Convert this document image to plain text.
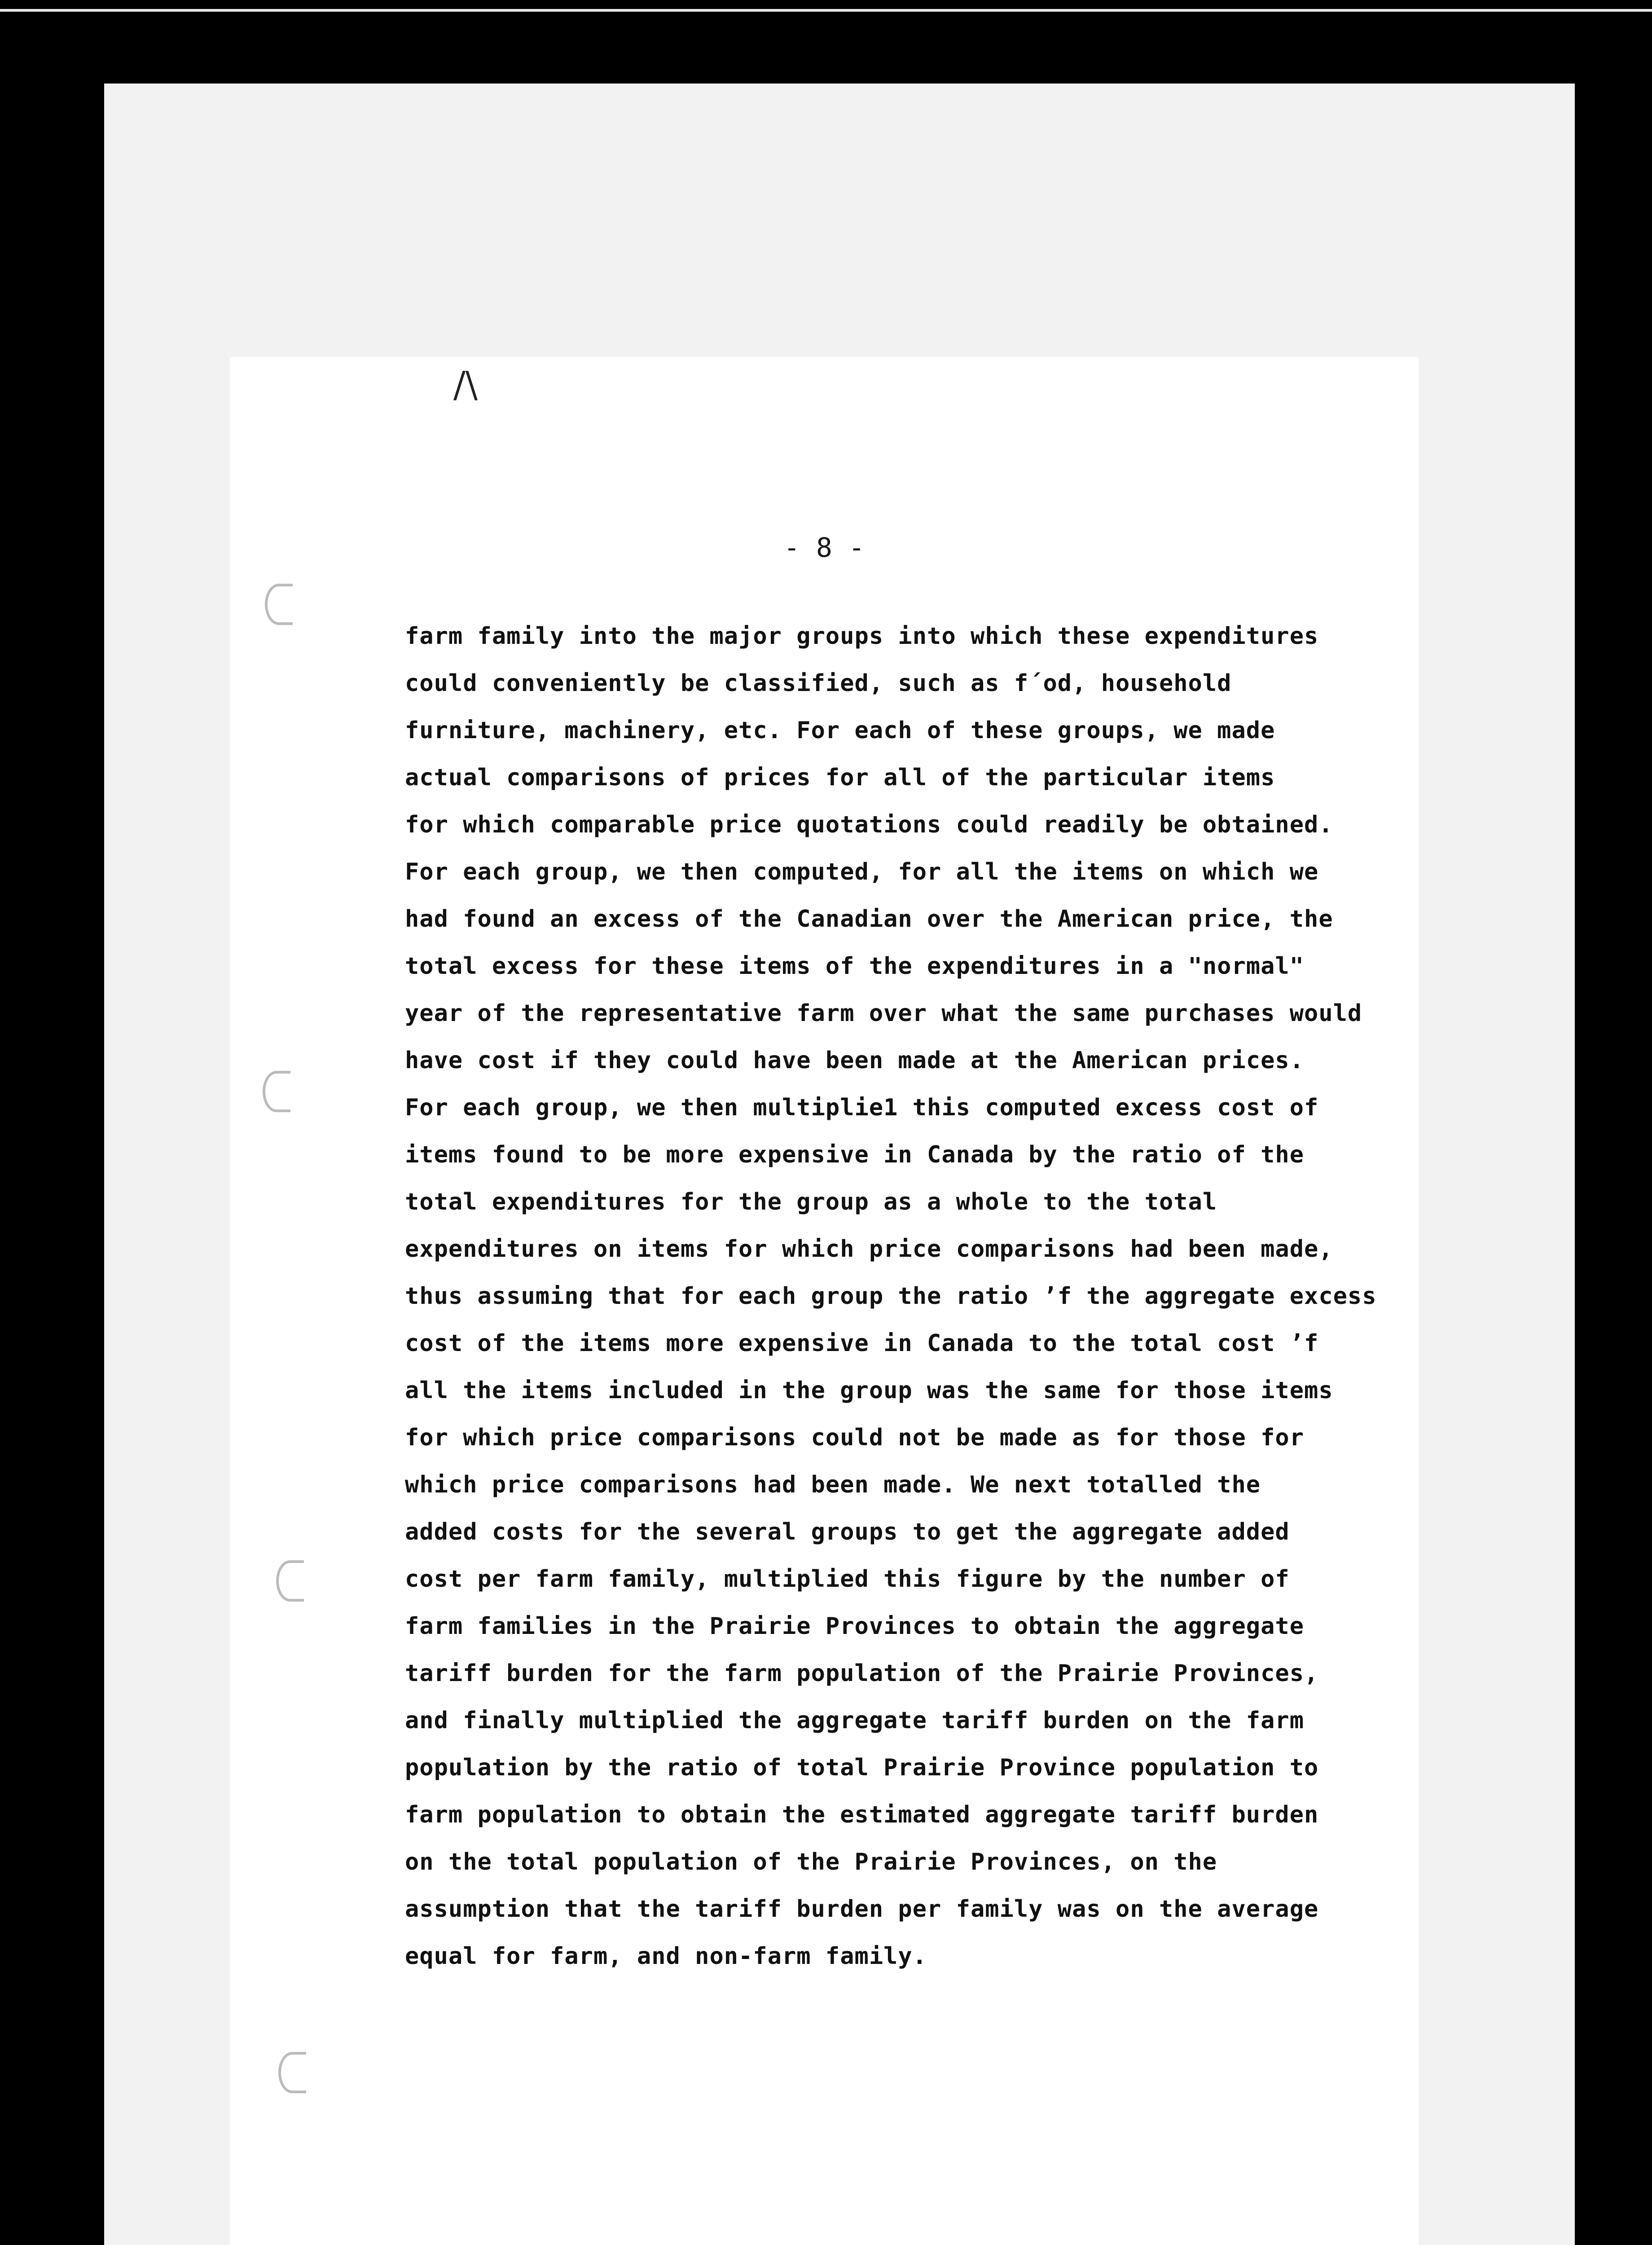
- 8 -
farm family into the major groups into which these expenditures
could conveniently be classified, such as f´od, household
furniture, machinery, etc. For each of these groups, we made
actual comparisons of prices for all of the particular items
for which comparable price quotations could readily be obtained.
For each group, we then computed, for all the items on which we
had found an excess of the Canadian over the American price, the
total excess for these items of the expenditures in a "normal"
year of the representative farm over what the same purchases would
have cost if they could have been made at the American prices.
For each group, we then multiplie1 this computed excess cost of
items found to be more expensive in Canada by the ratio of the
total expenditures for the group as a whole to the total
expenditures on items for which price comparisons had been made,
thus assuming that for each group the ratio ’f the aggregate excess
cost of the items more expensive in Canada to the total cost ’f
all the items included in the group was the same for those items
for which price comparisons could not be made as for those for
which price comparisons had been made. We next totalled the
added costs for the several groups to get the aggregate added
cost per farm family, multiplied this figure by the number of
farm families in the Prairie Provinces to obtain the aggregate
tariff burden for the farm population of the Prairie Provinces,
and finally multiplied the aggregate tariff burden on the farm
population by the ratio of total Prairie Province population to
farm population to obtain the estimated aggregate tariff burden
on the total population of the Prairie Provinces, on the
assumption that the tariff burden per family was on the average
equal for farm, and non-farm family.
/\
